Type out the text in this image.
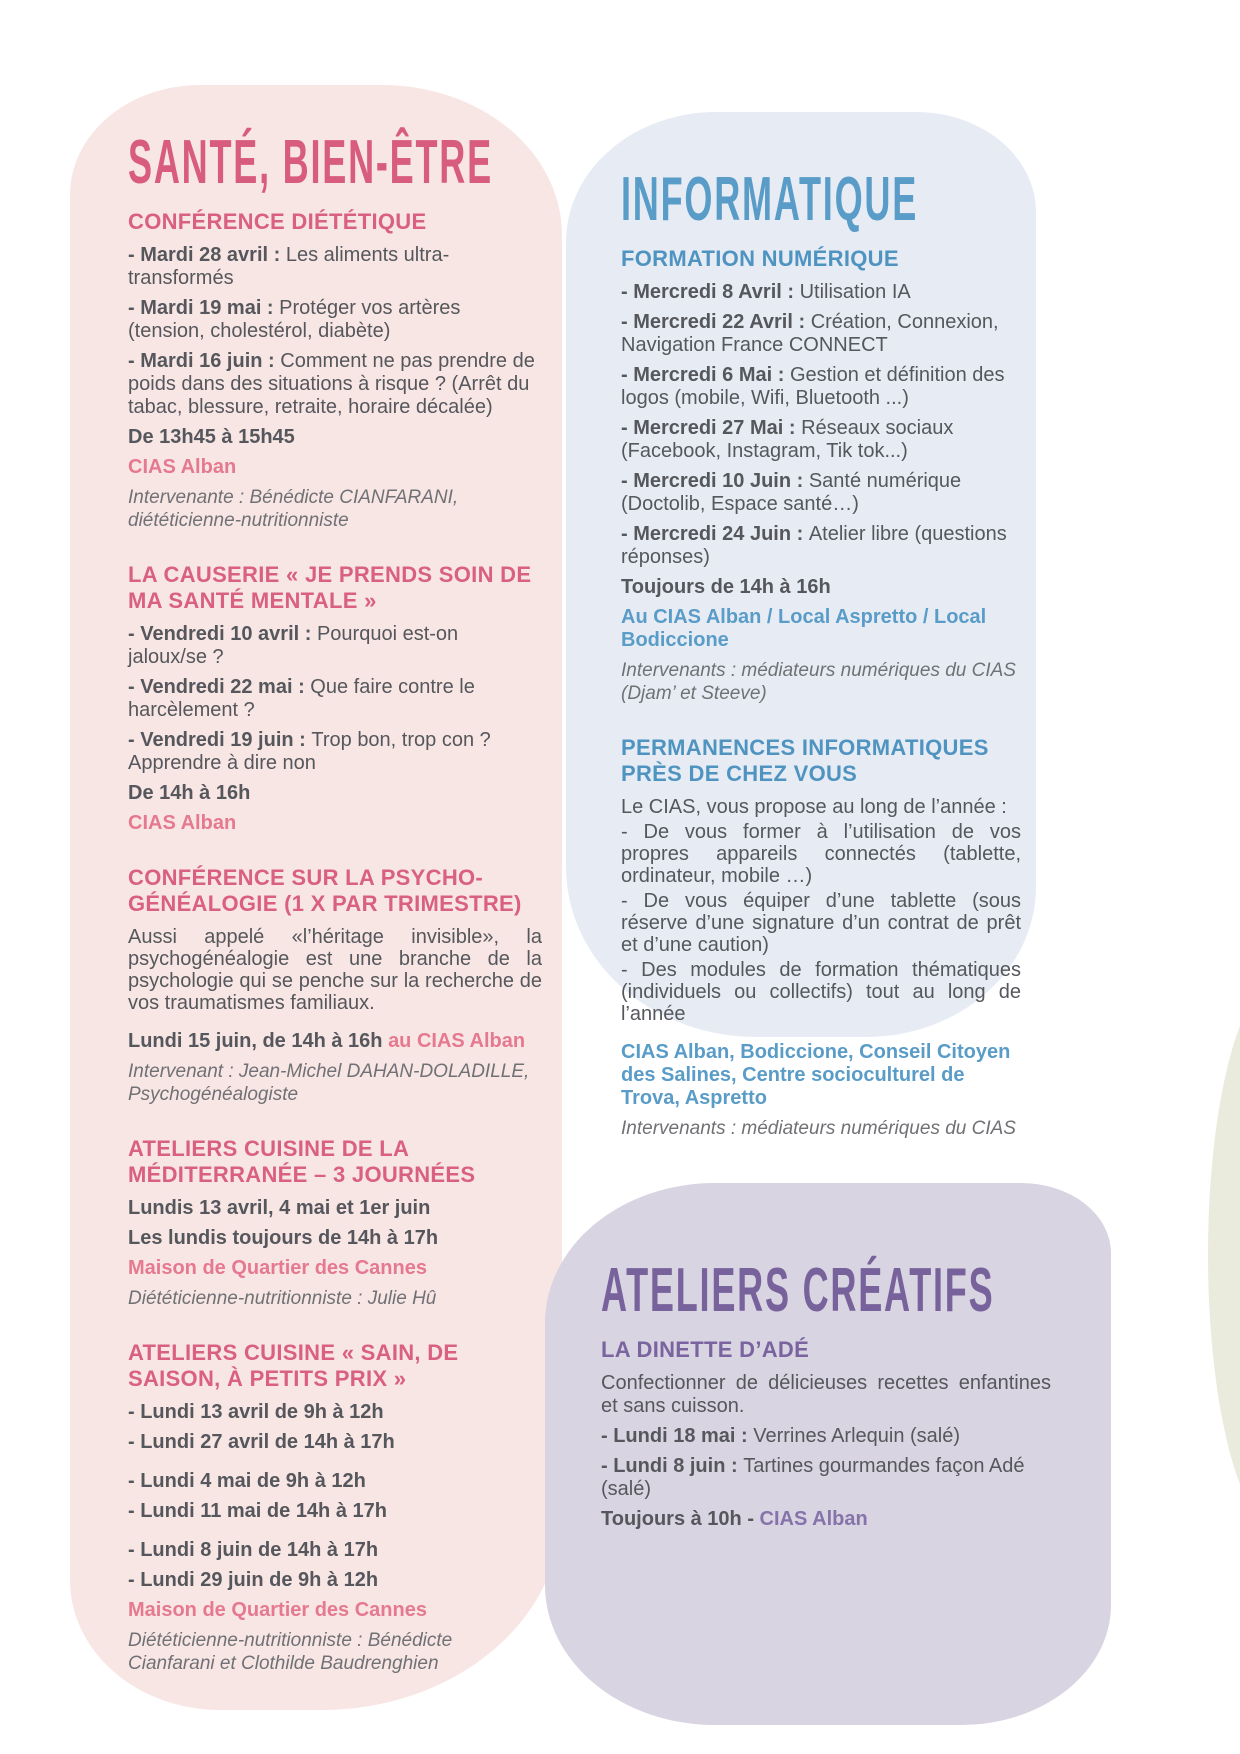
SANTÉ, BIEN-ÊTRE
CONFÉRENCE DIÉTÉTIQUE

- Mardi 28 avril : Les aliments ultra-transformés

- Mardi 19 mai : Protéger vos artères (tension, cholestérol, diabète)

- Mardi 16 juin : Comment ne pas prendre de poids dans des situations à risque ? (Arrêt du tabac, blessure, retraite, horaire décalée)

De 13h45 à 15h45

CIAS Alban

Intervenante : Bénédicte CIANFARANI, diététicienne-nutritionniste

LA CAUSERIE « JE PRENDS SOIN DE MA SANTÉ MENTALE »

- Vendredi 10 avril : Pourquoi est-on jaloux/se ?

- Vendredi 22 mai : Que faire contre le harcèlement ?

- Vendredi 19 juin : Trop bon, trop con ? Apprendre à dire non

De 14h à 16h

CIAS Alban

CONFÉRENCE SUR LA PSYCHO-GÉNÉALOGIE (1 X PAR TRIMESTRE)

Aussi appelé «l’héritage invisible», la psychogénéalogie est une branche de la psychologie qui se penche sur la recherche de vos traumatismes familiaux.

Lundi 15 juin, de 14h à 16h au CIAS Alban

Intervenant : Jean-Michel DAHAN-DOLADILLE, Psychogénéalogiste

ATELIERS CUISINE DE LA MÉDITERRANÉE – 3 JOURNÉES

Lundis 13 avril, 4 mai et 1er juin

Les lundis toujours de 14h à 17h

Maison de Quartier des Cannes

Diététicienne-nutritionniste : Julie Hû

ATELIERS CUISINE « SAIN, DE SAISON, À PETITS PRIX »

- Lundi 13 avril de 9h à 12h

- Lundi 27 avril de 14h à 17h

- Lundi 4 mai de 9h à 12h

- Lundi 11 mai de 14h à 17h

- Lundi 8 juin de 14h à 17h

- Lundi 29 juin de 9h à 12h

Maison de Quartier des Cannes

Diététicienne-nutritionniste : Bénédicte Cianfarani et Clothilde Baudrenghien

INFORMATIQUE
FORMATION NUMÉRIQUE

- Mercredi 8 Avril : Utilisation IA

- Mercredi 22 Avril : Création, Connexion, Navigation France CONNECT

- Mercredi 6 Mai : Gestion et définition des logos (mobile, Wifi, Bluetooth ...)

- Mercredi 27 Mai : Réseaux sociaux (Facebook, Instagram, Tik tok...)

- Mercredi 10 Juin : Santé numérique (Doctolib, Espace santé…)

- Mercredi 24 Juin : Atelier libre (questions réponses)

Toujours de 14h à 16h

Au CIAS Alban / Local Aspretto / Local Bodiccione

Intervenants : médiateurs numériques du CIAS (Djam’ et Steeve)

PERMANENCES INFORMATIQUES PRÈS DE CHEZ VOUS

Le CIAS, vous propose au long de l’année :

- De vous former à l’utilisation de vos propres appareils connectés (tablette, ordinateur, mobile …)

- De vous équiper d’une tablette (sous réserve d’une signature d’un contrat de prêt et d’une caution)

- Des modules de formation thématiques (individuels ou collectifs) tout au long de l’année

CIAS Alban, Bodiccione, Conseil Citoyen des Salines, Centre socioculturel de Trova, Aspretto

Intervenants : médiateurs numériques du CIAS

ATELIERS CRÉATIFS
LA DINETTE D’ADÉ

Confectionner de délicieuses recettes enfantines et sans cuisson.

- Lundi 18 mai : Verrines Arlequin (salé)

- Lundi 8 juin : Tartines gourmandes façon Adé (salé)

Toujours à 10h - CIAS Alban
